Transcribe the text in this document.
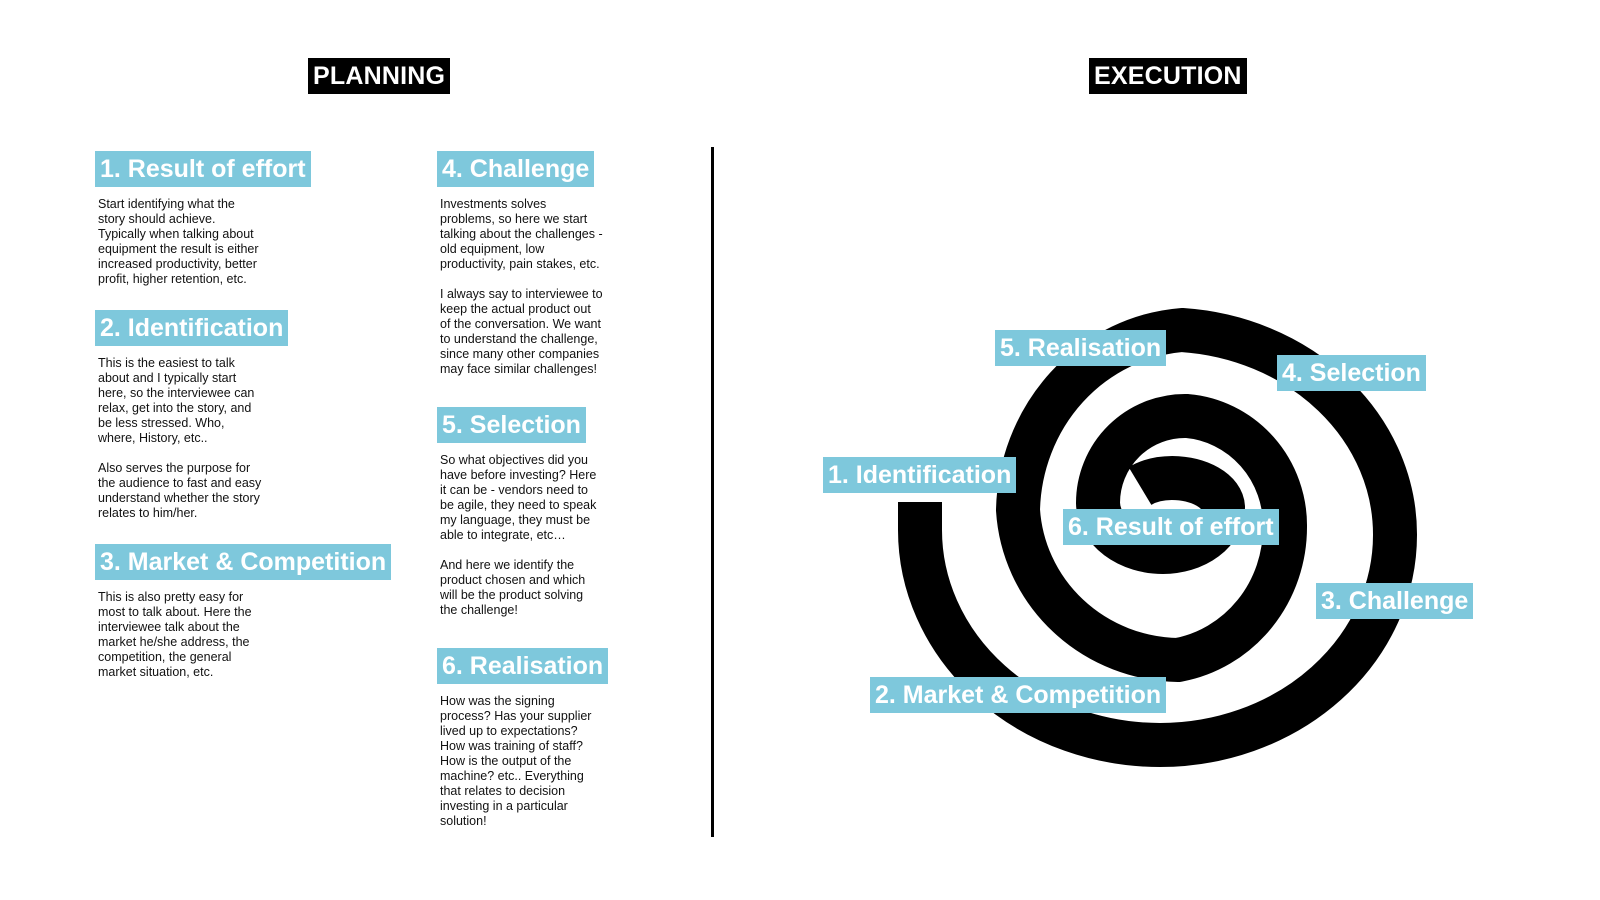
PLANNING	EXECUTION
1. Result of effort
Start identifying what the
story should achieve.
Typically when talking about
equipment the result is either
increased productivity, better
profit, higher retention, etc.
2. Identification
This is the easiest to talk
about and I typically start
here, so the interviewee can
relax, get into the story, and
be less stressed. Who,
where, History, etc..

Also serves the purpose for
the audience to fast and easy
understand whether the story
relates to him/her.
3. Market & Competition
This is also pretty easy for
most to talk about. Here the
interviewee talk about the
market he/she address, the
competition, the general
market situation, etc.
4. Challenge
Investments solves
problems, so here we start
talking about the challenges -
old equipment, low
productivity, pain stakes, etc.

I always say to interviewee to
keep the actual product out
of the conversation. We want
to understand the challenge,
since many other companies
may face similar challenges!
5. Selection
So what objectives did you
have before investing? Here
it can be - vendors need to
be agile, they need to speak
my language, they must be
able to integrate, etc…

And here we identify the
product chosen and which
will be the product solving
the challenge!
6. Realisation
How was the signing
process? Has your supplier
lived up to expectations?
How was training of staff?
How is the output of the
machine? etc.. Everything
that relates to decision
investing in a particular
solution!
1. Identification
2. Market & Competition
3. Challenge
4. Selection
5. Realisation
6. Result of effort
